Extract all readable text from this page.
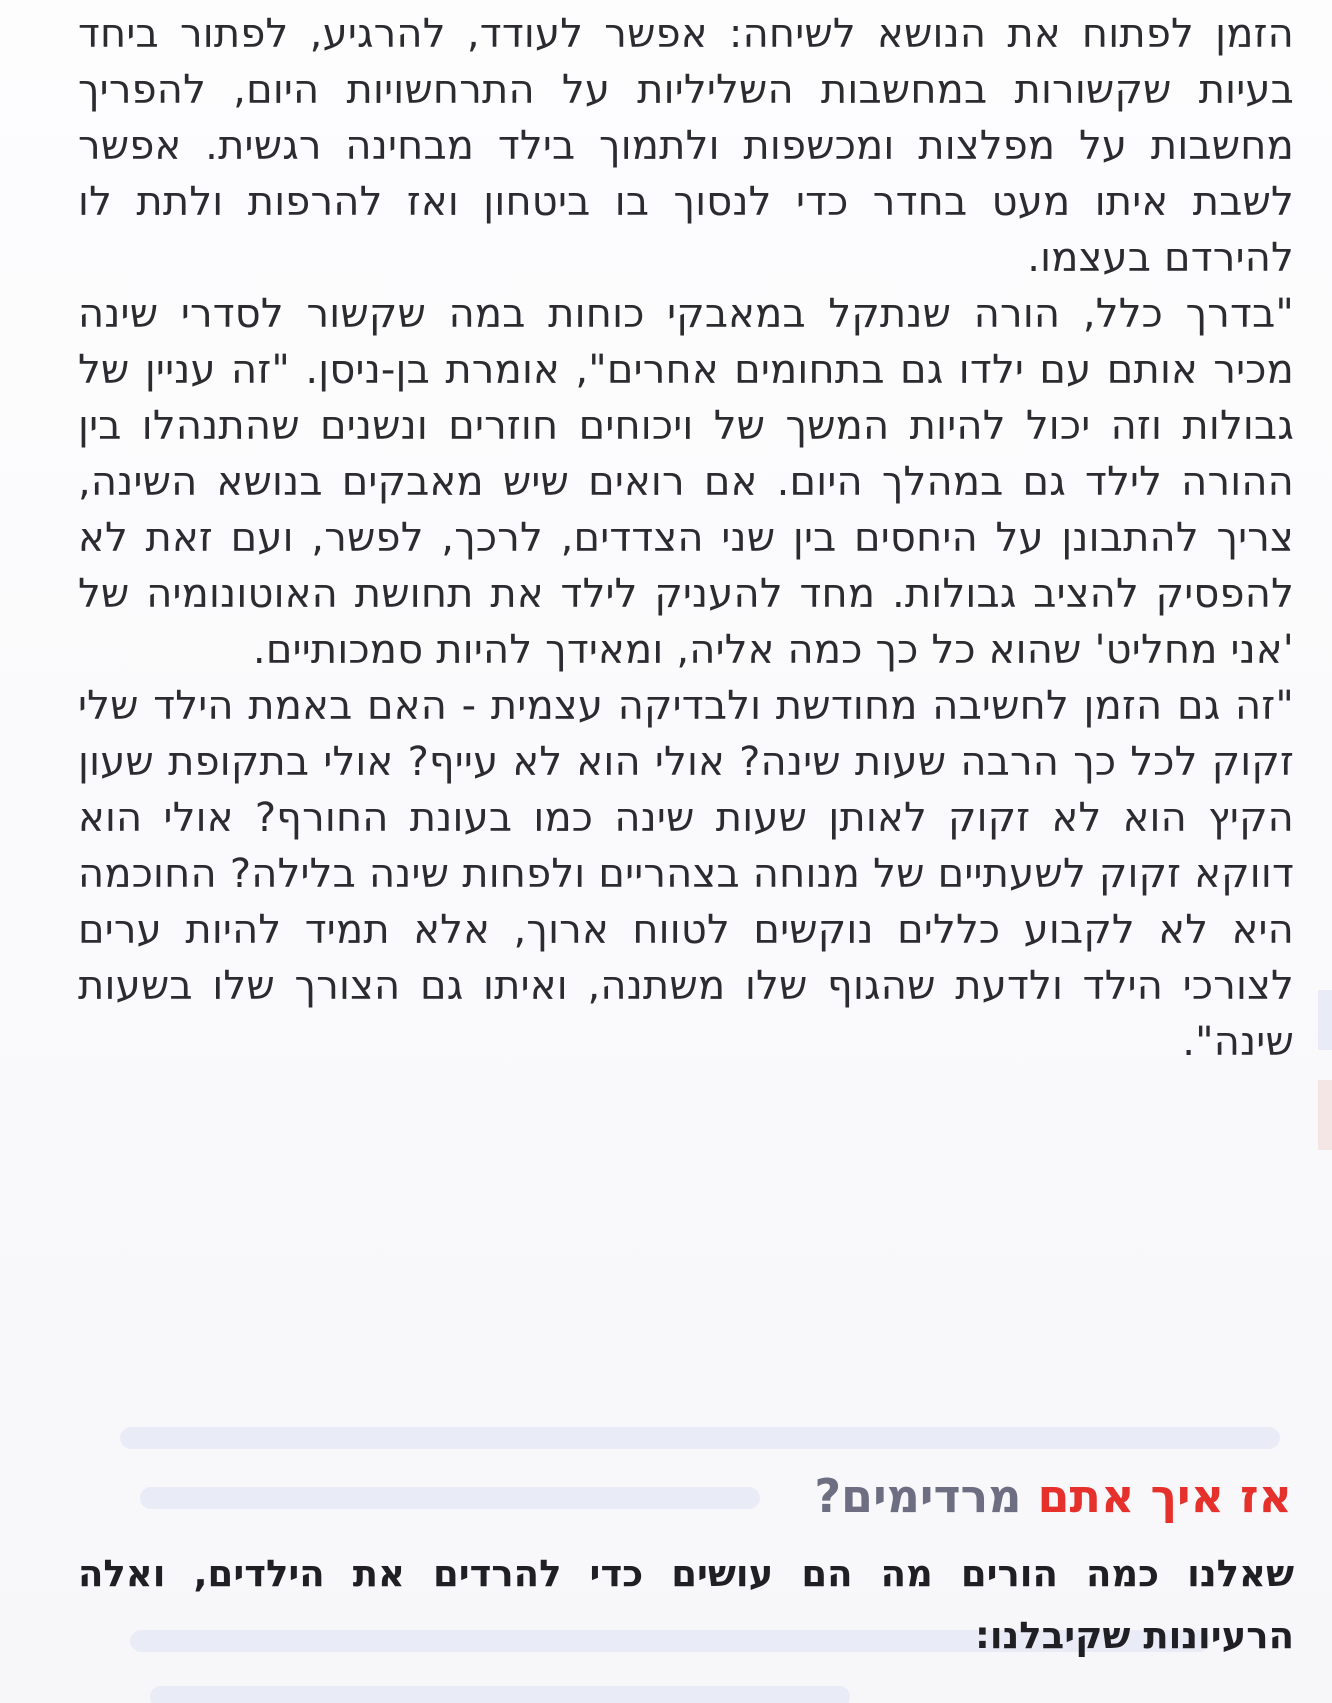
הזמן לפתוח את הנושא לשיחה: אפשר לעודד, להרגיע, לפתור ביחד בעיות שקשורות במחשבות השליליות על התרחשויות היום, להפריך מחשבות על מפלצות ומכשפות ולתמוך בילד מבחינה רגשית. אפשר לשבת איתו מעט בחדר כדי לנסוך בו ביטחון ואז להרפות ולתת לו להירדם בעצמו.

"בדרך כלל, הורה שנתקל במאבקי כוחות במה שקשור לסדרי שינה מכיר אותם עם ילדו גם בתחומים אחרים", אומרת בן-ניסן. "זה עניין של גבולות וזה יכול להיות המשך של ויכוחים חוזרים ונשנים שהתנהלו בין ההורה לילד גם במהלך היום. אם רואים שיש מאבקים בנושא השינה, צריך להתבונן על היחסים בין שני הצדדים, לרכך, לפשר, ועם זאת לא להפסיק להציב גבולות. מחד להעניק לילד את תחושת האוטונומיה של 'אני מחליט' שהוא כל כך כמה אליה, ומאידך להיות סמכותיים.

"זה גם הזמן לחשיבה מחודשת ולבדיקה עצמית - האם באמת הילד שלי זקוק לכל כך הרבה שעות שינה? אולי הוא לא עייף? אולי בתקופת שעון הקיץ הוא לא זקוק לאותן שעות שינה כמו בעונת החורף? אולי הוא דווקא זקוק לשעתיים של מנוחה בצהריים ולפחות שינה בלילה? החוכמה היא לא לקבוע כללים נוקשים לטווח ארוך, אלא תמיד להיות ערים לצורכי הילד ולדעת שהגוף שלו משתנה, ואיתו גם הצורך שלו בשעות שינה".

אז איך אתם מרדימים?

שאלנו כמה הורים מה הם עושים כדי להרדים את הילדים, ואלה הרעיונות שקיבלנו:
